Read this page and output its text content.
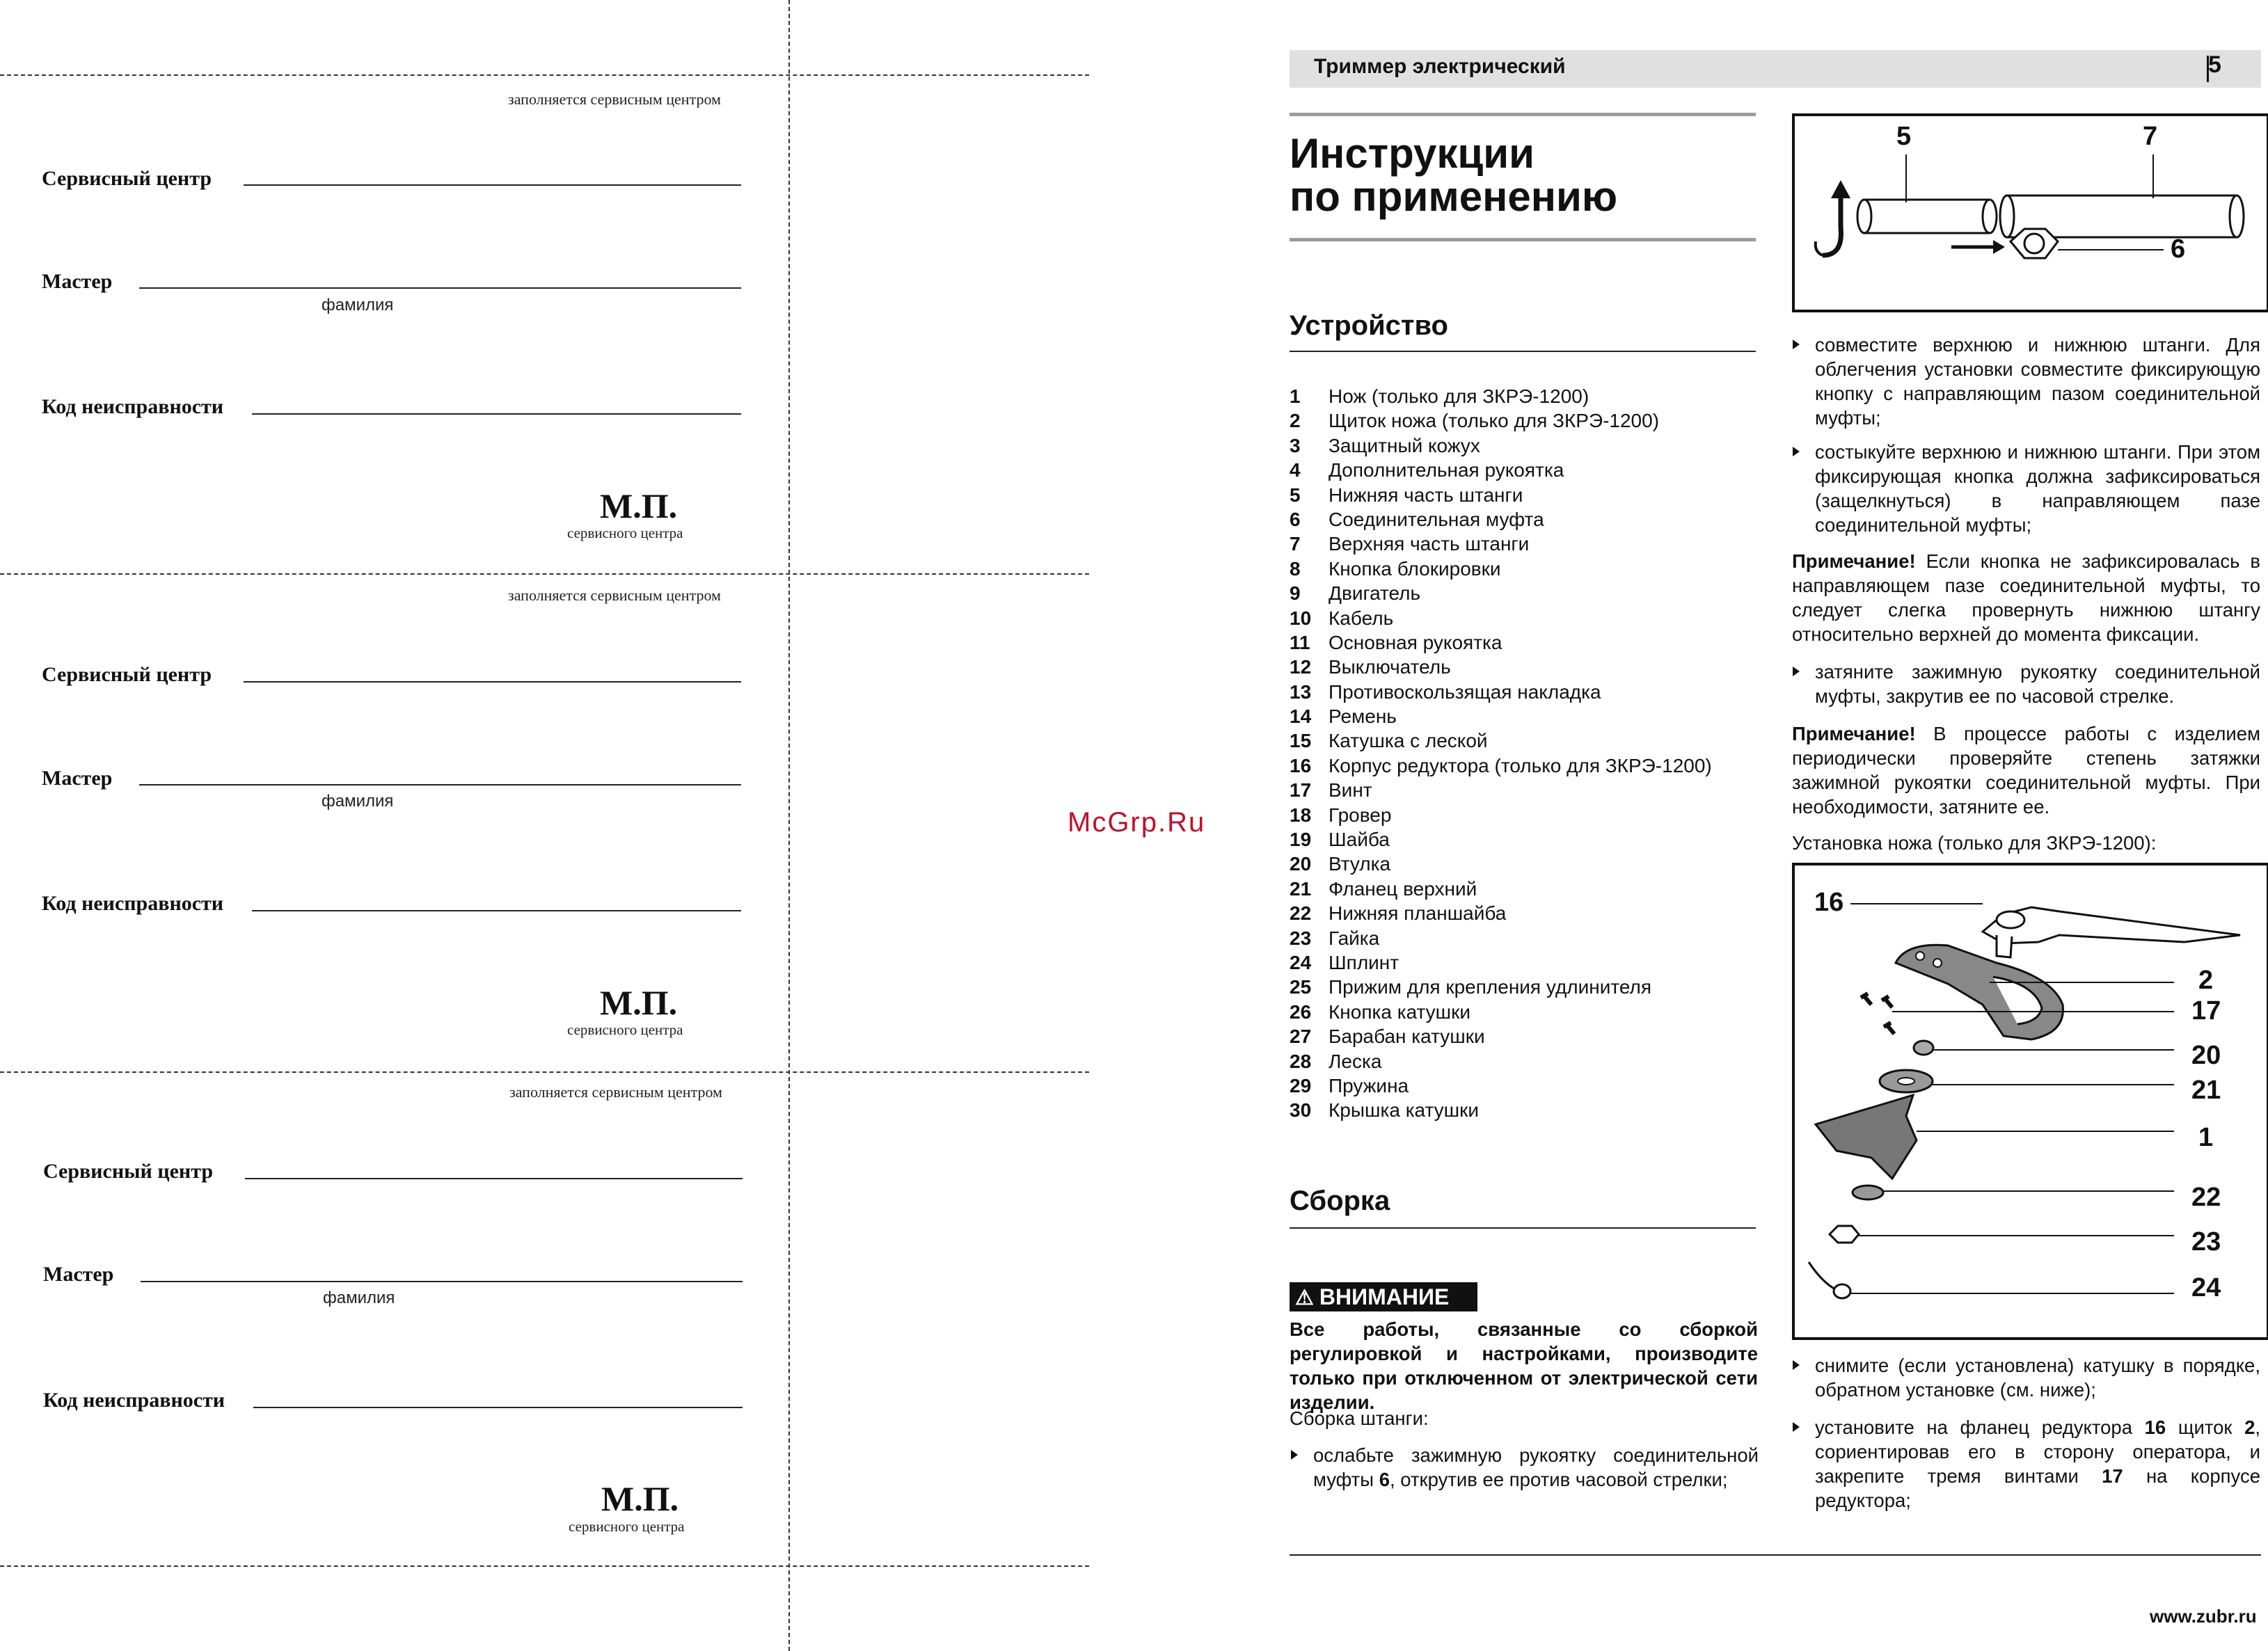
заполняется сервисным центром
Сервисный центр
Мастер
фамилия
Код неисправности
М.П.
сервисного центра
заполняется сервисным центром
Сервисный центр
Мастер
фамилия
Код неисправности
М.П.
сервисного центра
заполняется сервисным центром
Сервисный центр
Мастер
фамилия
Код неисправности
М.П.
сервисного центра
McGrp.Ru
Триммер электрический	5
Инструкции
по применению
Устройство
1 Нож (только для ЗКРЭ-1200)
2 Щиток ножа (только для ЗКРЭ-1200)
3 Защитный кожух
4 Дополнительная рукоятка
5 Нижняя часть штанги
6 Соединительная муфта
7 Верхняя часть штанги
8 Кнопка блокировки
9 Двигатель
10 Кабель
11 Основная рукоятка
12 Выключатель
13 Противоскользящая накладка
14 Ремень
15 Катушка с леской
16 Корпус редуктора (только для ЗКРЭ-1200)
17 Винт
18 Гровер
19 Шайба
20 Втулка
21 Фланец верхний
22 Нижняя планшайба
23 Гайка
24 Шплинт
25 Прижим для крепления удлинителя
26 Кнопка катушки
27 Барабан катушки
28 Леска
29 Пружина
30 Крышка катушки
Сборка
⚠ ВНИМАНИЕ
Все работы, связанные со сборкой регулировкой и настройками, производите только при отключенном от электрической сети изделии.
Сборка штанги:
ослабьте зажимную рукоятку соединительной муфты 6, открутив ее против часовой стрелки;
5	7
6
совместите верхнюю и нижнюю штанги. Для облегчения установки совместите фиксирующую кнопку с направляющим пазом соединительной муфты;
состыкуйте верхнюю и нижнюю штанги. При этом фиксирующая кнопка должна зафиксироваться (защелкнуться) в направляющем пазе соединительной муфты;
Примечание! Если кнопка не зафиксировалась в направляющем пазе соединительной муфты, то следует слегка провернуть нижнюю штангу относительно верхней до момента фиксации.
затяните зажимную рукоятку соединительной муфты, закрутив ее по часовой стрелке.
Примечание! В процессе работы с изделием периодически проверяйте степень затяжки зажимной рукоятки соединительной муфты. При необходимости, затяните ее.
Установка ножа (только для ЗКРЭ-1200):
16
2
17
20
21
1
22
23
24
снимите (если установлена) катушку в порядке, обратном установке (см. ниже);
установите на фланец редуктора 16 щиток 2, сориентировав его в сторону оператора, и закрепите тремя винтами 17 на корпусе редуктора;
www.zubr.ru
